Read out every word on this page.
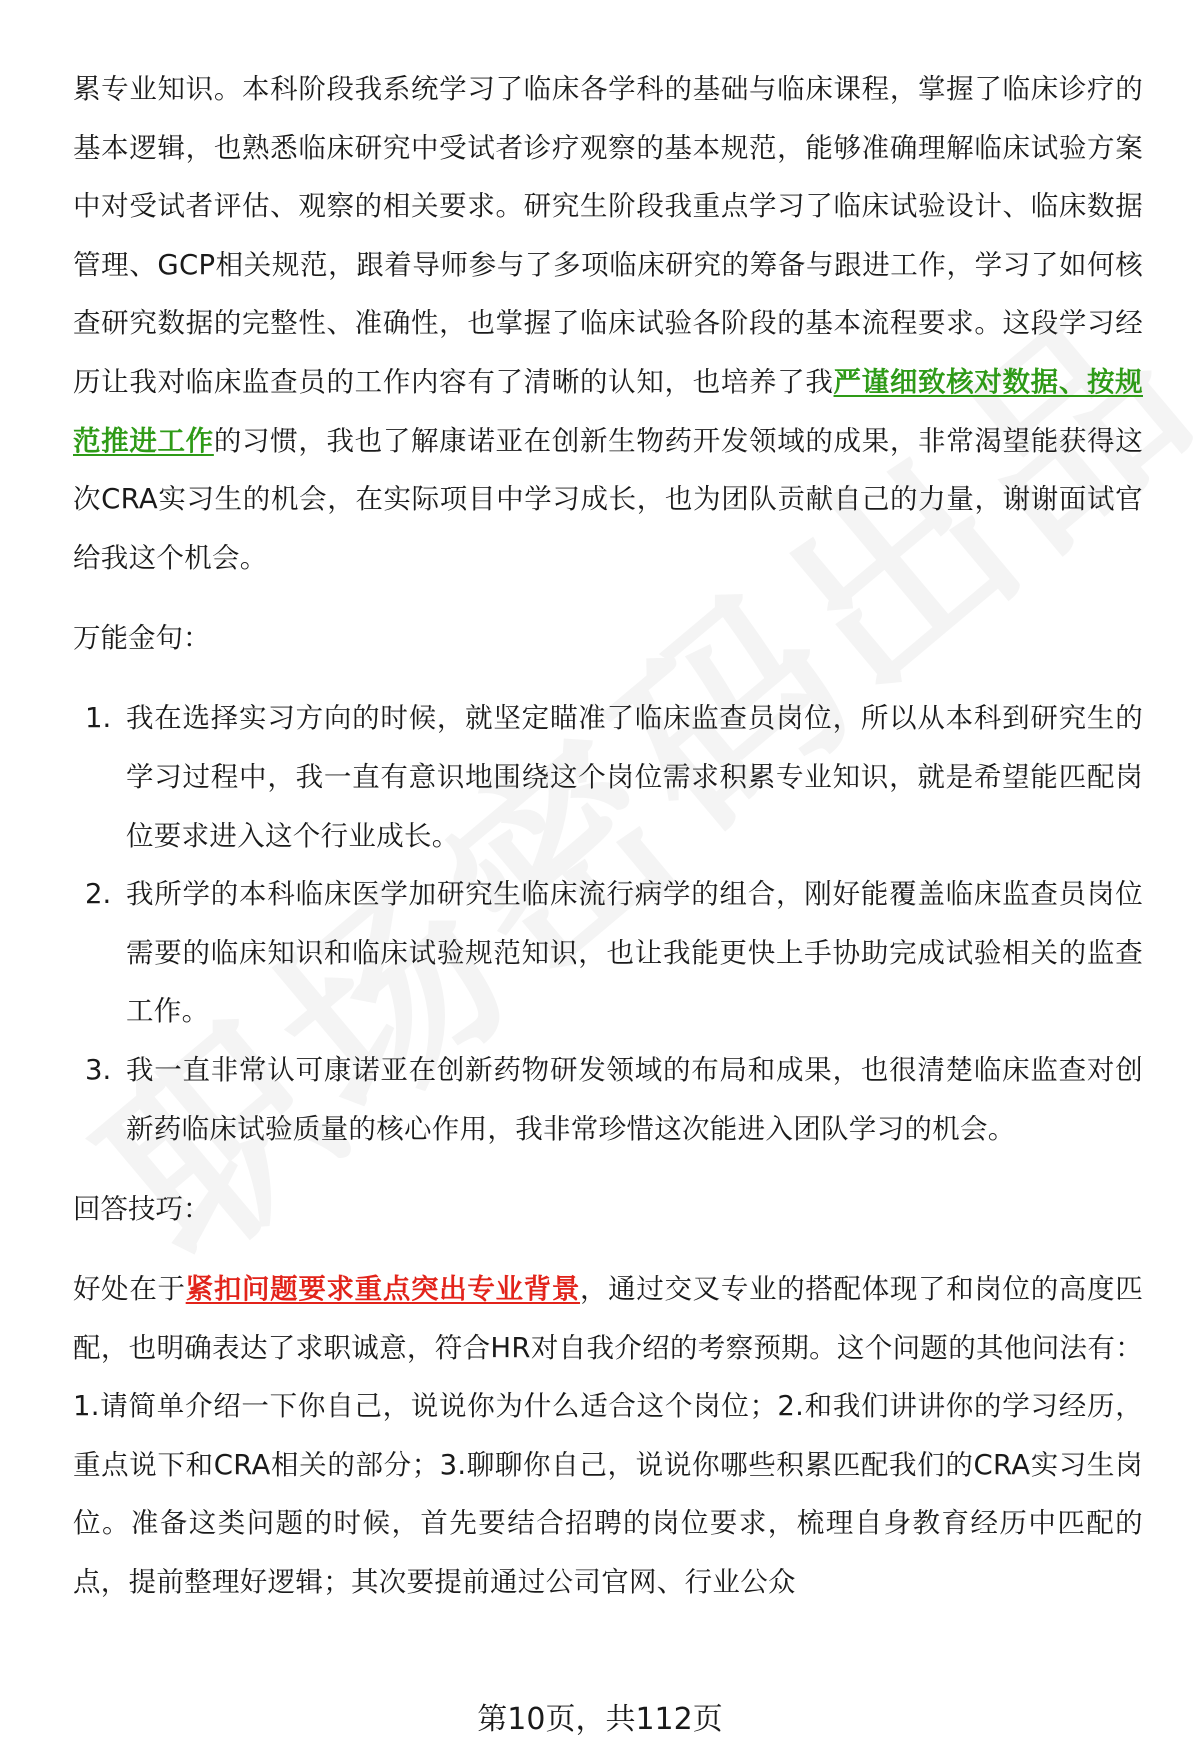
累专业知识。本科阶段我系统学习了临床各学科的基础与临床课程，掌握了临床诊疗的基本逻辑，也熟悉临床研究中受试者诊疗观察的基本规范，能够准确理解临床试验方案中对受试者评估、观察的相关要求。研究生阶段我重点学习了临床试验设计、临床数据管理、GCP相关规范，跟着导师参与了多项临床研究的筹备与跟进工作，学习了如何核查研究数据的完整性、准确性，也掌握了临床试验各阶段的基本流程要求。这段学习经历让我对临床监查员的工作内容有了清晰的认知，也培养了我严谨细致核对数据、按规范推进工作的习惯，我也了解康诺亚在创新生物药开发领域的成果，非常渴望能获得这次CRA实习生的机会，在实际项目中学习成长，也为团队贡献自己的力量，谢谢面试官给我这个机会。

万能金句：
1. 我在选择实习方向的时候，就坚定瞄准了临床监查员岗位，所以从本科到研究生的学习过程中，我一直有意识地围绕这个岗位需求积累专业知识，就是希望能匹配岗位要求进入这个行业成长。
2. 我所学的本科临床医学加研究生临床流行病学的组合，刚好能覆盖临床监查员岗位需要的临床知识和临床试验规范知识，也让我能更快上手协助完成试验相关的监查工作。
3. 我一直非常认可康诺亚在创新药物研发领域的布局和成果，也很清楚临床监查对创新药临床试验质量的核心作用，我非常珍惜这次能进入团队学习的机会。
回答技巧：

好处在于紧扣问题要求重点突出专业背景，通过交叉专业的搭配体现了和岗位的高度匹配，也明确表达了求职诚意，符合HR对自我介绍的考察预期。这个问题的其他问法有：1.请简单介绍一下你自己，说说你为什么适合这个岗位；2.和我们讲讲你的学习经历，重点说下和CRA相关的部分；3.聊聊你自己，说说你哪些积累匹配我们的CRA实习生岗位。准备这类问题的时候，首先要结合招聘的岗位要求，梳理自身教育经历中匹配的点，提前整理好逻辑；其次要提前通过公司官网、行业公众

第10页，共112页
